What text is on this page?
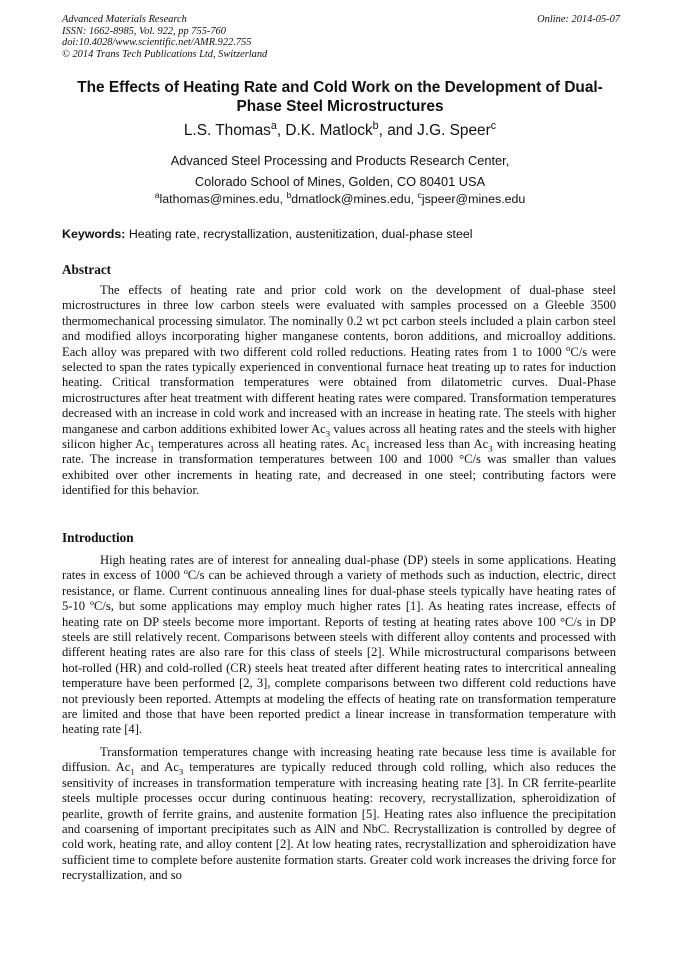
Advanced Materials Research
ISSN: 1662-8985, Vol. 922, pp 755-760
doi:10.4028/www.scientific.net/AMR.922.755
© 2014 Trans Tech Publications Ltd, Switzerland
Online: 2014-05-07
The Effects of Heating Rate and Cold Work on the Development of Dual-Phase Steel Microstructures
L.S. Thomas$^a$, D.K. Matlock$^b$, and J.G. Speer$^c$
Advanced Steel Processing and Products Research Center,
Colorado School of Mines, Golden, CO 80401 USA
$^a$lathomas@mines.edu, $^b$dmatlock@mines.edu, $^c$jspeer@mines.edu
Keywords: Heating rate, recrystallization, austenitization, dual-phase steel
Abstract

The effects of heating rate and prior cold work on the development of dual-phase steel microstructures in three low carbon steels were evaluated with samples processed on a Gleeble 3500 thermomechanical processing simulator. The nominally 0.2 wt pct carbon steels included a plain carbon steel and modified alloys incorporating higher manganese contents, boron additions, and microalloy additions. Each alloy was prepared with two different cold rolled reductions. Heating rates from 1 to 1000 $^o$C/s were selected to span the rates typically experienced in conventional furnace heat treating up to rates for induction heating. Critical transformation temperatures were obtained from dilatometric curves. Dual-Phase microstructures after heat treatment with different heating rates were compared. Transformation temperatures decreased with an increase in cold work and increased with an increase in heating rate. The steels with higher manganese and carbon additions exhibited lower $Ac_3$ values across all heating rates and the steels with higher silicon higher $Ac_1$ temperatures across all heating rates. $Ac_1$ increased less than $Ac_3$ with increasing heating rate. The increase in transformation temperatures between 100 and 1000 °C/s was smaller than values exhibited over other increments in heating rate, and decreased in one steel; contributing factors were identified for this behavior.

Introduction

High heating rates are of interest for annealing dual-phase (DP) steels in some applications. Heating rates in excess of 1000 ºC/s can be achieved through a variety of methods such as induction, electric, direct resistance, or flame. Current continuous annealing lines for dual-phase steels typically have heating rates of 5-10 ºC/s, but some applications may employ much higher rates [1]. As heating rates increase, effects of heating rate on DP steels become more important. Reports of testing at heating rates above 100 °C/s in DP steels are still relatively recent. Comparisons between steels with different alloy contents and processed with different heating rates are also rare for this class of steels [2]. While microstructural comparisons between hot-rolled (HR) and cold-rolled (CR) steels heat treated after different heating rates to intercritical annealing temperature have been performed [2, 3], complete comparisons between two different cold reductions have not previously been reported. Attempts at modeling the effects of heating rate on transformation temperature are limited and those that have been reported predict a linear increase in transformation temperature with heating rate [4].

Transformation temperatures change with increasing heating rate because less time is available for diffusion. $Ac_1$ and $Ac_3$ temperatures are typically reduced through cold rolling, which also reduces the sensitivity of increases in transformation temperature with increasing heating rate [3]. In CR ferrite-pearlite steels multiple processes occur during continuous heating: recovery, recrystallization, spheroidization of pearlite, growth of ferrite grains, and austenite formation [5]. Heating rates also influence the precipitation and coarsening of important precipitates such as AlN and NbC. Recrystallization is controlled by degree of cold work, heating rate, and alloy content [2]. At low heating rates, recrystallization and spheroidization have sufficient time to complete before austenite formation starts. Greater cold work increases the driving force for recrystallization, and so
